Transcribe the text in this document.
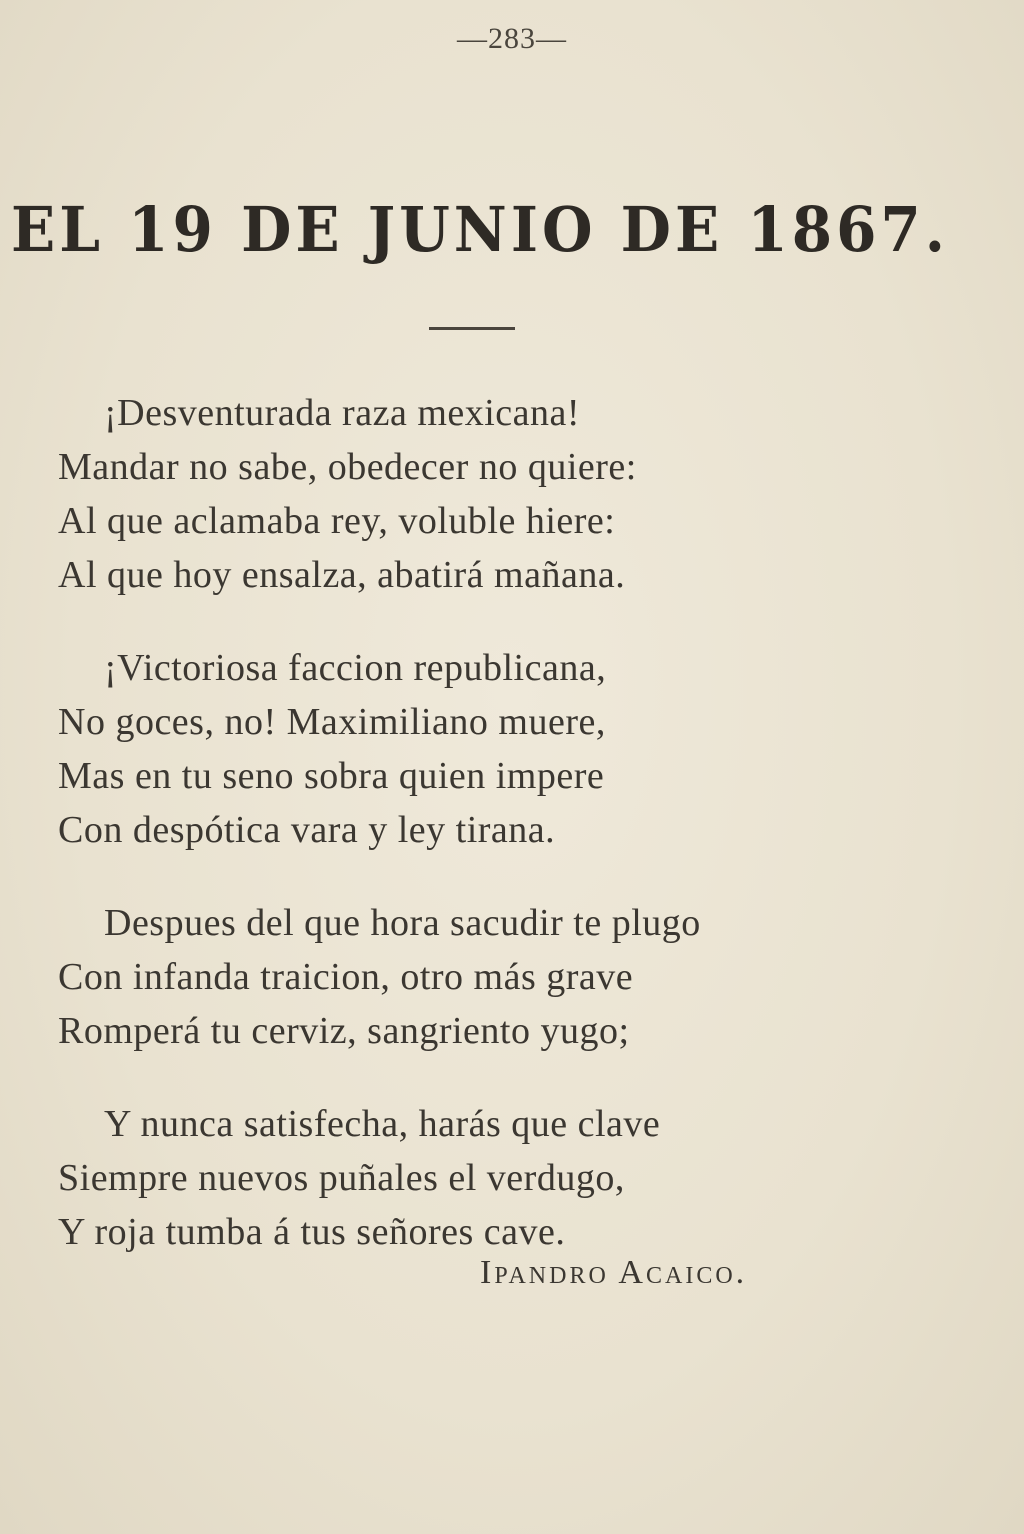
—283—
EL 19 DE JUNIO DE 1867.
¡Desventurada raza mexicana!
Mandar no sabe, obedecer no quiere:
Al que aclamaba rey, voluble hiere:
Al que hoy ensalza, abatirá mañana.
¡Victoriosa faccion republicana,
No goces, no! Maximiliano muere,
Mas en tu seno sobra quien impere
Con despótica vara y ley tirana.
Despues del que hora sacudir te plugo
Con infanda traicion, otro más grave
Romperá tu cerviz, sangriento yugo;
Y nunca satisfecha, harás que clave
Siempre nuevos puñales el verdugo,
Y roja tumba á tus señores cave.
Ipandro Acaico.
